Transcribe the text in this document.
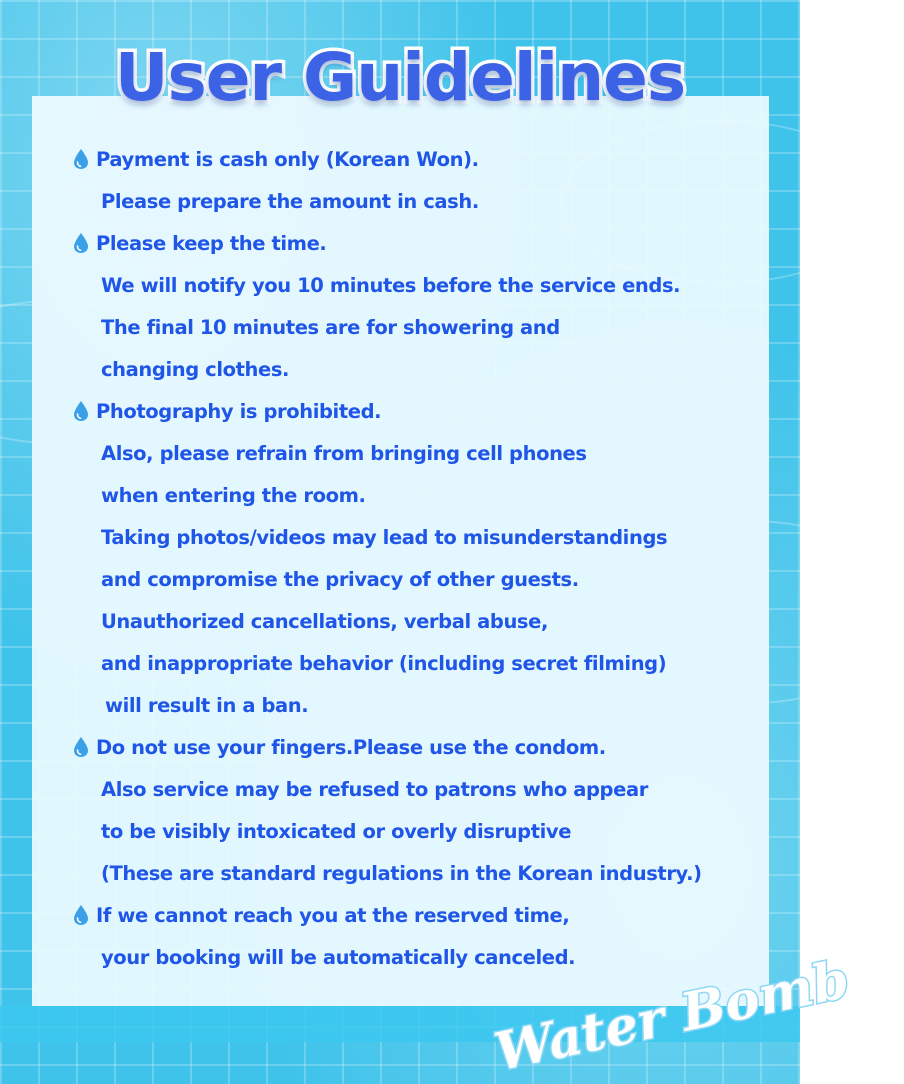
User Guidelines
Payment is cash only (Korean Won).
Please prepare the amount in cash.
Please keep the time.
We will notify you 10 minutes before the service ends.
The final 10 minutes are for showering and
changing clothes.
Photography is prohibited.
Also, please refrain from bringing cell phones
when entering the room.
Taking photos/videos may lead to misunderstandings
and compromise the privacy of other guests.
Unauthorized cancellations, verbal abuse,
and inappropriate behavior (including secret filming)
will result in a ban.
Do not use your fingers.Please use the condom.
Also service may be refused to patrons who appear
to be visibly intoxicated or overly disruptive
(These are standard regulations in the Korean industry.)
If we cannot reach you at the reserved time,
your booking will be automatically canceled.
Water Bomb
